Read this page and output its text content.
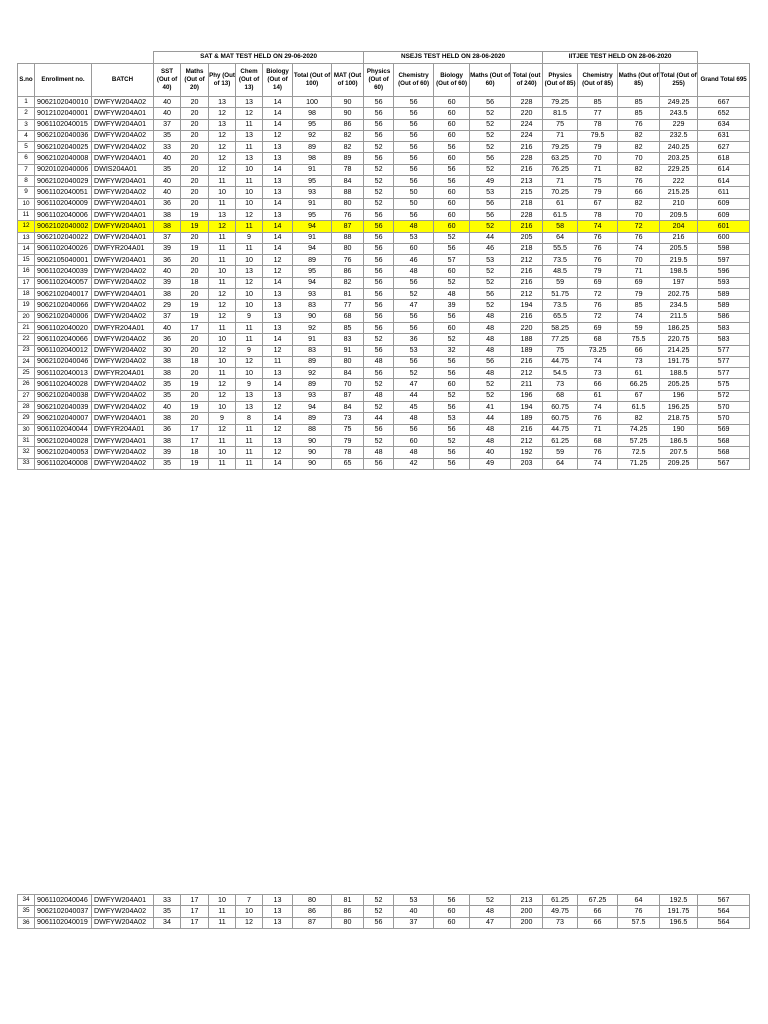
			SAT & MAT TEST HELD ON 29-06-2020							NSEJS TEST HELD ON 28-06-2020					IITJEE TEST HELD ON 28-06-2020				
S.no	Enrollment no.	BATCH	SST (Out of 40)	Maths (Out of 20)	Phy (Out of 13)	Chem (Out of 13)	Biology (Out of 14)	Total (Out of 100)	MAT (Out of 100)	Physics (Out of 60)	Chemistry (Out of 60)	Biology (Out of 60)	Maths (Out of 60)	Total (out of 240)	Physics (Out of 85)	Chemistry (Out of 85)	Maths (Out of 85)	Total (Out of 255)	Grand Total 695
1	9062102040010	DWFYW204A02	40	20	13	13	14	100	90	56	56	60	56	228	79.25	85	85	249.25	667
2	9012102040001	DWFYW204A01	40	20	12	12	14	98	90	56	56	60	52	220	81.5	77	85	243.5	652
3	9061102040015	DWFYW204A01	37	20	13	11	14	95	86	56	56	60	52	224	75	78	76	229	634
4	9062102040036	DWFYW204A02	35	20	12	13	12	92	82	56	56	60	52	224	71	79.5	82	232.5	631
5	9062102040025	DWFYW204A02	33	20	12	11	13	89	82	52	56	56	52	216	79.25	79	82	240.25	627
6	9062102040008	DWFYW204A01	40	20	12	13	13	98	89	56	56	60	56	228	63.25	70	70	203.25	618
7	9020102040006	DWIS204A01	35	20	12	10	14	91	78	52	56	56	52	216	76.25	71	82	229.25	614
8	9062102040029	DWFYW204A01	40	20	11	11	13	95	84	52	56	56	49	213	71	75	76	222	614
9	9061102040051	DWFYW204A02	40	20	10	10	13	93	88	52	50	60	53	215	70.25	79	66	215.25	611
10	9061102040009	DWFYW204A01	36	20	11	10	14	91	80	52	50	60	56	218	61	67	82	210	609
11	9061102040006	DWFYW204A01	38	19	13	12	13	95	76	56	56	60	56	228	61.5	78	70	209.5	609
12	9062102040002	DWFYW204A01	38	19	12	11	14	94	87	56	48	60	52	216	58	74	72	204	601
13	9062102040022	DWFYW204A01	37	20	11	9	14	91	88	56	53	52	44	205	64	76	76	216	600
14	9061102040026	DWFYR204A01	39	19	11	11	14	94	80	56	60	56	46	218	55.5	76	74	205.5	598
15	9062105040001	DWFYW204A01	36	20	11	10	12	89	76	56	46	57	53	212	73.5	76	70	219.5	597
16	9061102040039	DWFYW204A02	40	20	10	13	12	95	86	56	48	60	52	216	48.5	79	71	198.5	596
17	9061102040057	DWFYW204A02	39	18	11	12	14	94	82	56	56	52	52	216	59	69	69	197	593
18	9062102040017	DWFYW204A01	38	20	12	10	13	93	81	56	52	48	56	212	51.75	72	79	202.75	589
19	9062102040066	DWFYW204A02	29	19	12	10	13	83	77	56	47	39	52	194	73.5	76	85	234.5	589
20	9062102040006	DWFYW204A02	37	19	12	9	13	90	68	56	56	56	48	216	65.5	72	74	211.5	586
21	9061102040020	DWFYR204A01	40	17	11	11	13	92	85	56	56	60	48	220	58.25	69	59	186.25	583
22	9061102040066	DWFYW204A02	36	20	10	11	14	91	83	52	36	52	48	188	77.25	68	75.5	220.75	583
23	9061102040012	DWFYW204A02	30	20	12	9	12	83	91	56	53	32	48	189	75	73.25	66	214.25	577
24	9062102040046	DWFYW204A02	38	18	10	12	11	89	80	48	56	56	56	216	44.75	74	73	191.75	577
25	9061102040013	DWFYR204A01	38	20	11	10	13	92	84	56	52	56	48	212	54.5	73	61	188.5	577
26	9061102040028	DWFYW204A02	35	19	12	9	14	89	70	52	47	60	52	211	73	66	66.25	205.25	575
27	9062102040038	DWFYW204A02	35	20	12	13	13	93	87	48	44	52	52	196	68	61	67	196	572
28	9062102040039	DWFYW204A02	40	19	10	13	12	94	84	52	45	56	41	194	60.75	74	61.5	196.25	570
29	9062102040007	DWFYW204A01	38	20	9	8	14	89	73	44	48	53	44	189	60.75	76	82	218.75	570
30	9061102040044	DWFYR204A01	36	17	12	11	12	88	75	56	56	56	48	216	44.75	71	74.25	190	569
31	9062102040028	DWFYW204A01	38	17	11	11	13	90	79	52	60	52	48	212	61.25	68	57.25	186.5	568
32	9062102040053	DWFYW204A02	39	18	10	11	12	90	78	48	48	56	40	192	59	76	72.5	207.5	568
33	9061102040008	DWFYW204A02	35	19	11	11	14	90	65	56	42	56	49	203	64	74	71.25	209.25	567
34	9061102040046	DWFYW204A01	33	17	10	7	13	80	81	52	53	56	52	213	61.25	67.25	64	192.5	567
35	9062102040037	DWFYW204A02	35	17	11	10	13	86	86	52	40	60	48	200	49.75	66	76	191.75	564
36	9061102040019	DWFYW204A02	34	17	11	12	13	87	80	56	37	60	47	200	73	66	57.5	196.5	564
